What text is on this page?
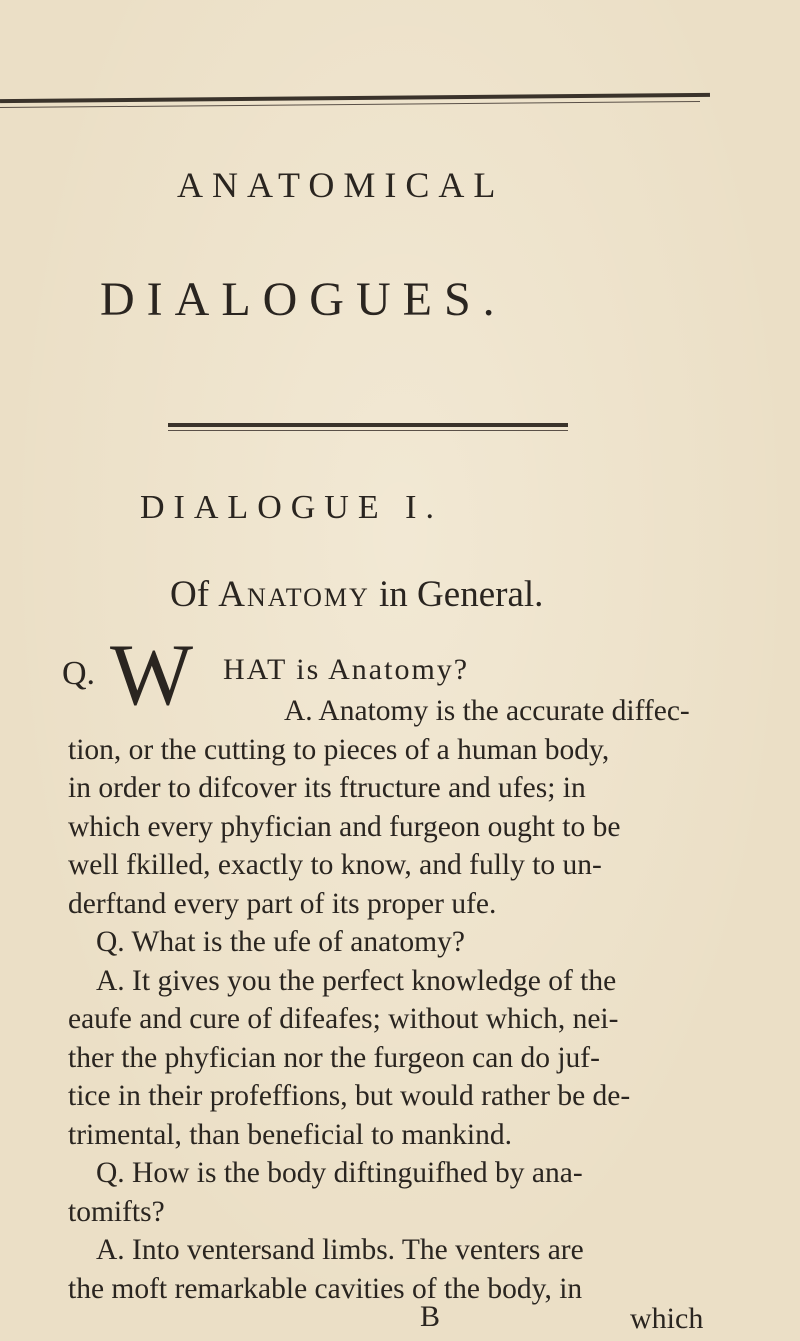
ANATOMICAL
DIALOGUES.
DIALOGUE I.
Of Anatomy in General.
Q. W HAT is Anatomy?
A. Anatomy is the accurate diffec-
tion, or the cutting to pieces of a human body,
in order to difcover its ftructure and ufes; in
which every phyfician and furgeon ought to be
well fkilled, exactly to know, and fully to un-
derftand every part of its proper ufe.
Q. What is the ufe of anatomy?
A. It gives you the perfect knowledge of the
eaufe and cure of difeafes; without which, nei-
ther the phyfician nor the furgeon can do juf-
tice in their profeffions, but would rather be de-
trimental, than beneficial to mankind.
Q. How is the body diftinguifhed by ana-
tomifts?
A. Into ventersand limbs. The venters are
the moft remarkable cavities of the body, in
B	which
